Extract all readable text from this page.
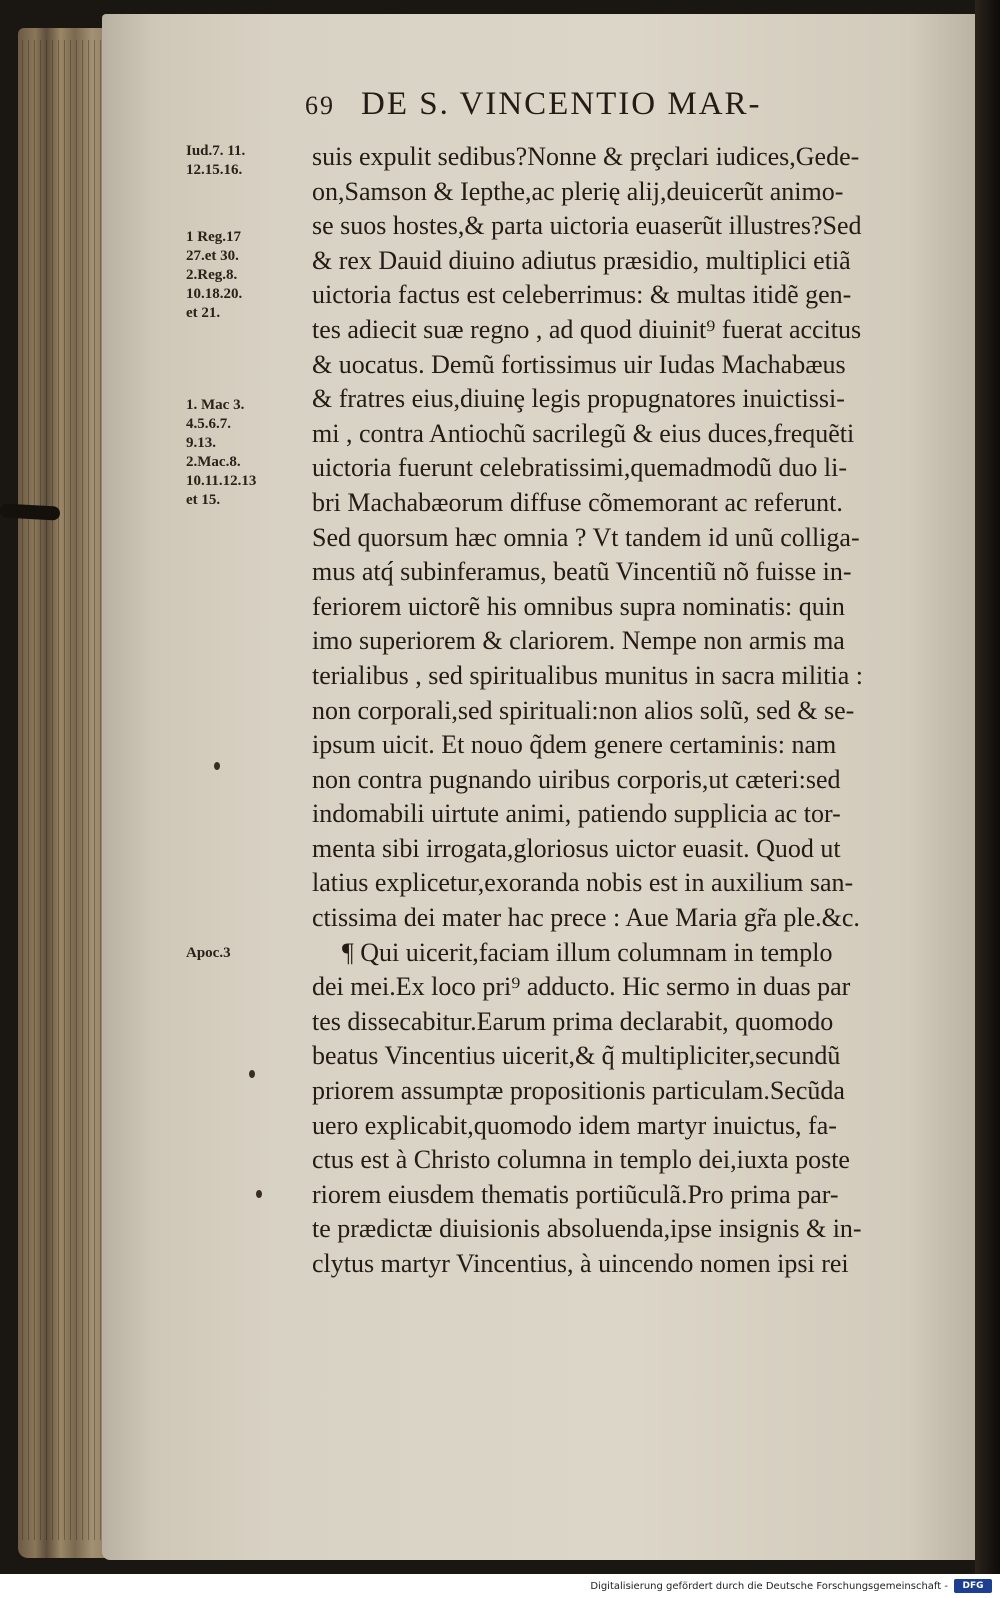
69 DE S. VINCENTIO MAR-
suis expulit sedibus?Nonne & prȩclari iudices,Gede-
on,Samson & Iepthe,ac plerię alij,deuicerũt animo-
se suos hostes,& parta uictoria euaserũt illustres?Sed
& rex Dauid diuino adiutus præsidio, multiplici etiã
uictoria factus est celeberrimus: & multas itidẽ gen-
tes adiecit suæ regno , ad quod diuinit⁹ fuerat accitus
& uocatus. Demũ fortissimus uir Iudas Machabæus
& fratres eius,diuinȩ legis propugnatores inuictissi-
mi , contra Antiochũ sacrilegũ & eius duces,frequẽti
uictoria fuerunt celebratissimi,quemadmodũ duo li-
bri Machabæorum diffuse cõmemorant ac referunt.
Sed quorsum hæc omnia ? Vt tandem id unũ colliga-
mus atq́ subinferamus, beatũ Vincentiũ nõ fuisse in-
feriorem uictorẽ his omnibus supra nominatis: quin
imo superiorem & clariorem. Nempe non armis ma
terialibus , sed spiritualibus munitus in sacra militia :
non corporali,sed spirituali:non alios solũ, sed & se-
ipsum uicit. Et nouo q̃dem genere certaminis: nam
non contra pugnando uiribus corporis,ut cæteri:sed
indomabili uirtute animi, patiendo supplicia ac tor-
menta sibi irrogata,gloriosus uictor euasit. Quod ut
latius explicetur,exoranda nobis est in auxilium san-
ctissima dei mater hac prece : Aue Maria gr̃a ple.&c.
¶ Qui uicerit,faciam illum columnam in templo
dei mei.Ex loco pri⁹ adducto. Hic sermo in duas par
tes dissecabitur.Earum prima declarabit, quomodo
beatus Vincentius uicerit,& q̃ multipliciter,secundũ
priorem assumptæ propositionis particulam.Secũda
uero explicabit,quomodo idem martyr inuictus, fa-
ctus est à Christo columna in templo dei,iuxta poste
riorem eiusdem thematis portiũculã.Pro prima par-
te prædictæ diuisionis absoluenda,ipse insignis & in-
clytus martyr Vincentius, à uincendo nomen ipsi rei
Iud.7. 11.
12.15.16.
1 Reg.17
27.et 30.
2.Reg.8.
10.18.20.
et 21.
1. Mac 3.
4.5.6.7.
9.13.
2.Mac.8.
10.11.12.13
et 15.
Apoc.3
Digitalisierung gefördert durch die Deutsche Forschungsgemeinschaft -	DFG
